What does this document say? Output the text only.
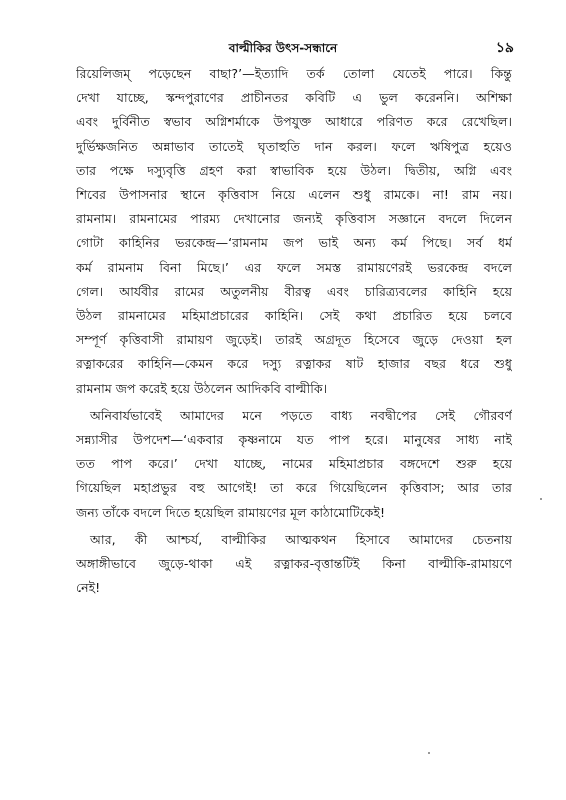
বাল্মীকির উৎস-সন্ধানে	১৯
রিয়েলিজম্ পড়েছেন বাছা?’—ইত্যাদি তর্ক তোলা যেতেই পারে। কিন্তু
দেখা যাচ্ছে, স্কন্দপুরাণের প্রাচীনতর কবিটি এ ভুল করেননি। অশিক্ষা
এবং দুর্বিনীত স্বভাব অগ্নিশর্মাকে উপযুক্ত আধারে পরিণত করে রেখেছিল।
দুর্ভিক্ষজনিত অন্নাভাব তাতেই ঘৃতাহুতি দান করল। ফলে ঋষিপুত্র হয়েও
তার পক্ষে দস্যুবৃত্তি গ্রহণ করা স্বাভাবিক হয়ে উঠল। দ্বিতীয়, অগ্নি এবং
শিবের উপাসনার স্থানে কৃত্তিবাস নিয়ে এলেন শুধু রামকে। না! রাম নয়।
রামনাম। রামনামের পারম্য দেখানোর জন্যই কৃত্তিবাস সজ্ঞানে বদলে দিলেন
গোটা কাহিনির ভরকেন্দ্র—‘রামনাম জপ ভাই অন্য কর্ম পিছে। সর্ব ধর্ম
কর্ম রামনাম বিনা মিছে।’ এর ফলে সমস্ত রামায়ণেরই ভরকেন্দ্র বদলে
গেল। আর্যবীর রামের অতুলনীয় বীরত্ব এবং চারিত্র্যবলের কাহিনি হয়ে
উঠল রামনামের মহিমাপ্রচারের কাহিনি। সেই কথা প্রচারিত হয়ে চলবে
সম্পূর্ণ কৃত্তিবাসী রামায়ণ জুড়েই। তারই অগ্রদূত হিসেবে জুড়ে দেওয়া হল
রত্নাকরের কাহিনি—কেমন করে দস্যু রত্নাকর ষাট হাজার বছর ধরে শুধু
রামনাম জপ করেই হয়ে উঠলেন আদিকবি বাল্মীকি।
অনিবার্যভাবেই আমাদের মনে পড়তে বাধ্য নবদ্বীপের সেই গৌরবর্ণ
সন্ন্যাসীর উপদেশ—‘একবার কৃষ্ণনামে যত পাপ হরে। মানুষের সাধ্য নাই
তত পাপ করে।’ দেখা যাচ্ছে, নামের মহিমাপ্রচার বঙ্গদেশে শুরু হয়ে
গিয়েছিল মহাপ্রভুর বহু আগেই! তা করে গিয়েছিলেন কৃত্তিবাস; আর তার
জন্য তাঁকে বদলে দিতে হয়েছিল রামায়ণের মূল কাঠামোটিকেই!
আর, কী আশ্চর্য, বাল্মীকির আত্মকথন হিসাবে আমাদের চেতনায়
অঙ্গাঙ্গীভাবে জুড়ে-থাকা এই রত্নাকর-বৃত্তান্তটিই কিনা বাল্মীকি-রামায়ণে
নেই!
